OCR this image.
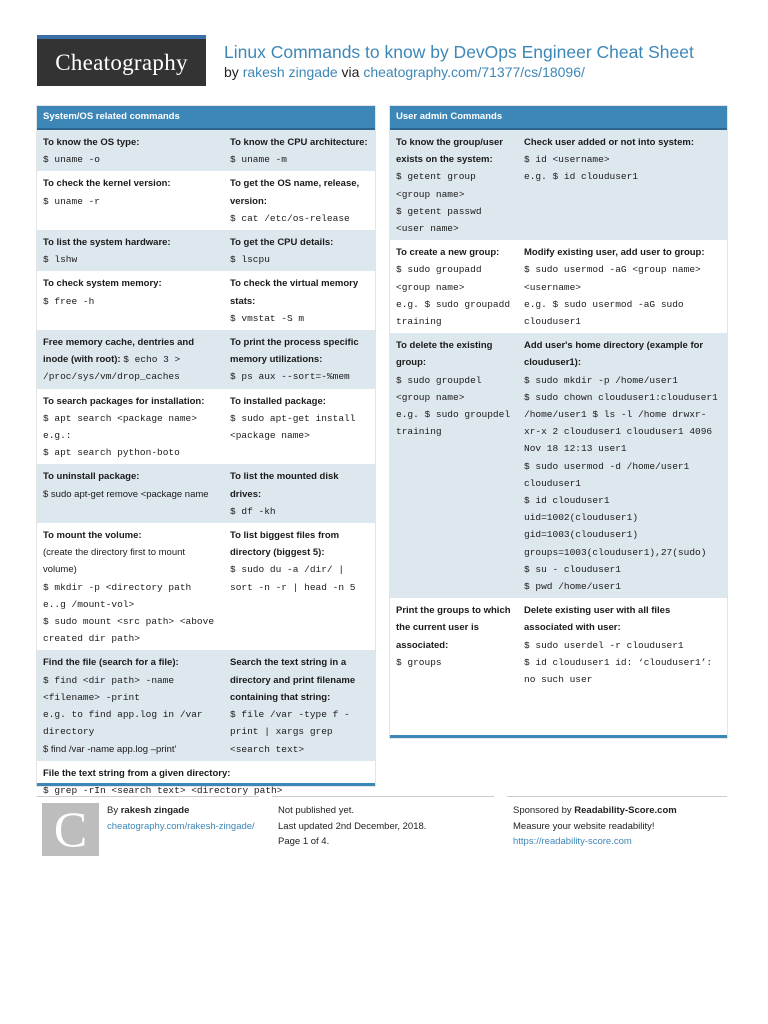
Cheatography	Linux Commands to know by DevOps Engineer Cheat Sheet
by rakesh zingade via cheatography.com/71377/cs/18096/
System/OS related commands
To know the OS type:
$ uname -o
To know the CPU architecture:
$ uname -m
To check the kernel version:
$ uname -r
To get the OS name, release, version:
$ cat /etc/os-release
To list the system hardware:
$ lshw
To get the CPU details:
$ lscpu
To check system memory:
$ free -h
To check the virtual memory stats:
$ vmstat -S m
Free memory cache, dentries and inode (with root): $ echo 3 >
/proc/sys/vm/drop_caches
To print the process specific memory utilizations:
$ ps aux --sort=-%mem
To search packages for installation:
$ apt search <package name>
e.g.:
$ apt search python-boto
To installed package:
$ sudo apt-get install <package name>
To uninstall package:
$ sudo apt-get remove <package name
To list the mounted disk drives:
$ df -kh
To mount the volume:
(create the directory first to mount volume)
$ mkdir -p <directory path e..g /mount-vol>
$ sudo mount <src path> <above created dir path>
To list biggest files from directory (biggest 5):
$ sudo du -a /dir/ | sort -n -r | head -n 5
Find the file (search for a file):
$ find <dir path> -name <filename> -print
e.g. to find app.log in /var directory
$ find /var -name app.log –print'
Search the text string in a directory and print filename containing that string:
$ file /var -type f -print | xargs grep <search text>
File the text string from a given directory:
$ grep -rIn <search text> <directory path>
User admin Commands
To know the group/user exists on the system:
$ getent group <group name>
$ getent passwd <user name>
Check user added or not into system:
$ id <username>
e.g. $ id clouduser1
To create a new group:
$ sudo groupadd <group name>
e.g. $ sudo groupadd training
Modify existing user, add user to group:
$ sudo usermod -aG <group name> <username>
e.g. $ sudo usermod -aG sudo clouduser1
To delete the existing group:
$ sudo groupdel <group name>
e.g. $ sudo groupdel training
Add user's home directory (example for clouduser1):
$ sudo mkdir -p /home/user1
$ sudo chown clouduser1:clouduser1 /home/user1 $ ls -l /home drwxr-xr-x 2 clouduser1 clouduser1 4096 Nov 18 12:13 user1
$ sudo usermod -d /home/user1 clouduser1
$ id clouduser1 uid=1002(clouduser1) gid=1003(clouduser1) groups=1003(clouduser1),27(sudo)
$ su - clouduser1
$ pwd /home/user1
Print the groups to which the current user is associated:
$ groups
Delete existing user with all files associated with user:
$ sudo userdel -r clouduser1
$ id clouduser1 id: ‘clouduser1’: no such user
C	By rakesh zingade
cheatography.com/rakesh-zingade/
Not published yet.
Last updated 2nd December, 2018.
Page 1 of 4.
Sponsored by Readability-Score.com
Measure your website readability!
https://readability-score.com
